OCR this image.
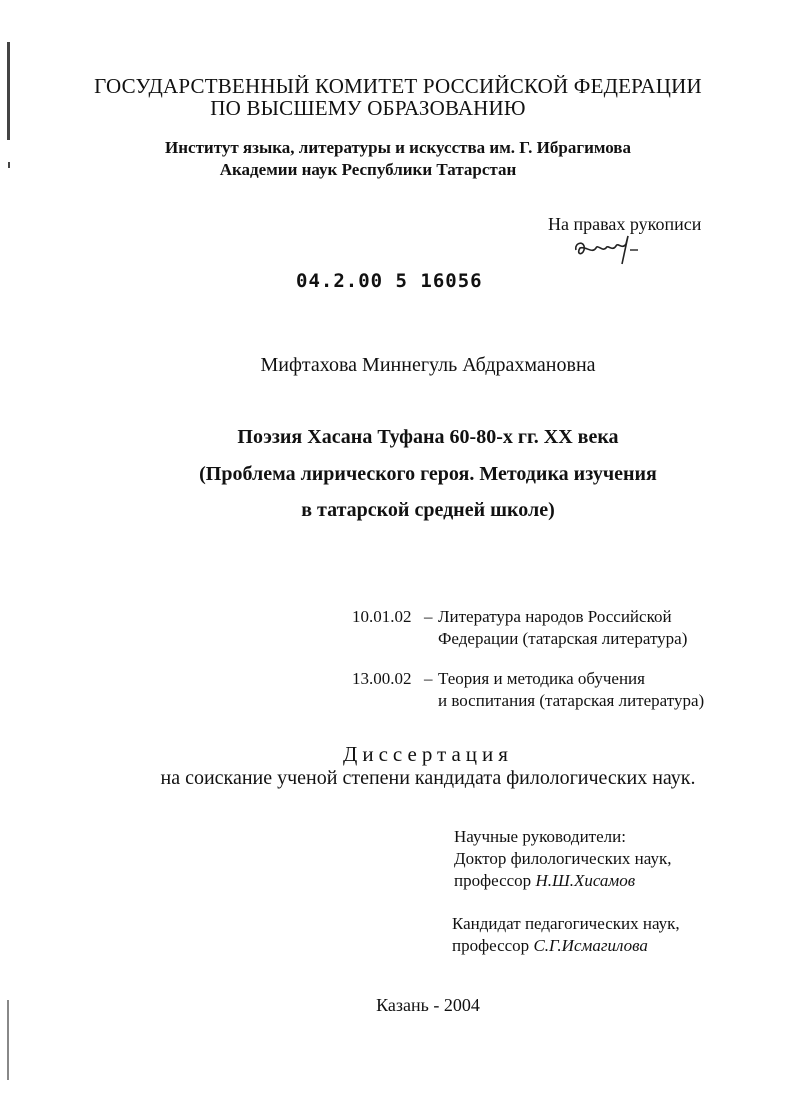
ГОСУДАРСТВЕННЫЙ КОМИТЕТ РОССИЙСКОЙ ФЕДЕРАЦИИ
ПО ВЫСШЕМУ ОБРАЗОВАНИЮ
Институт языка, литературы и искусства им. Г. Ибрагимова
Академии наук Республики Татарстан
На правах рукописи
04.2.00 5 16056
Мифтахова Миннегуль Абдрахмановна
Поэзия Хасана Туфана 60-80-х гг. XX века
(Проблема лирического героя. Методика изучения
в татарской средней школе)
10.01.02 – Литература народов Российской
Федерации (татарская литература)
13.00.02 – Теория и методика обучения
и воспитания (татарская литература)
Диссертация
на соискание ученой степени кандидата филологических наук.
Научные руководители:
Доктор филологических наук,
профессор Н.Ш.Хисамов
Кандидат педагогических наук,
профессор С.Г.Исмагилова
Казань - 2004
